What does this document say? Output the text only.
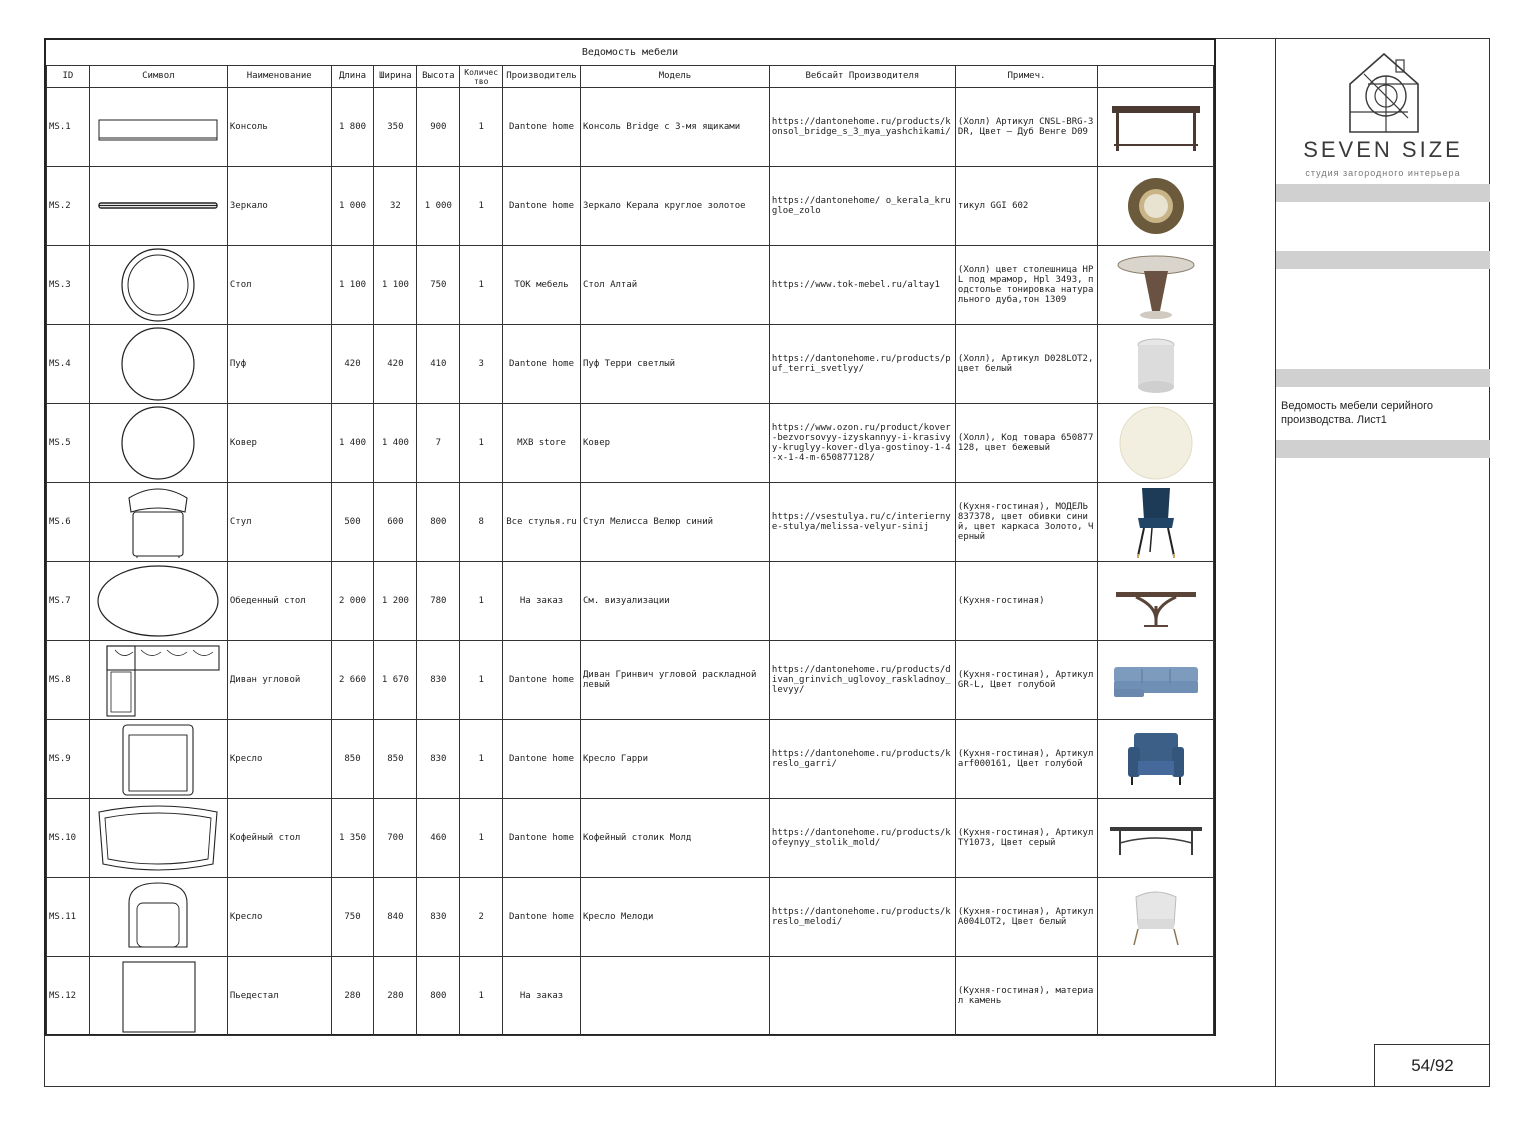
Ведомость мебели
ID	Символ	Наименование	Длина	Ширина	Высота	Количество	Производитель	Модель	Вебсайт Производителя	Примеч.	
MS.1		Консоль	1 800	350	900	1	Dantone home	Консоль Bridge с 3-мя ящиками	https://dantonehome.ru/products/konsol_bridge_s_3_mya_yashchikami/	(Холл) Артикул CNSL-BRG-3DR, Цвет – Дуб Венге D09	

MS.2		Зеркало	1 000	32	1 000	1	Dantone home	Зеркало Керала круглое золотое	https://dantonehome/ o_kerala_krugloe_zolo	тикул GGI 602	

MS.3		Стол	1 100	1 100	750	1	TOK мебель	Стол Алтай	https://www.tok-mebel.ru/altay1	(Холл) цвет столешница HPL под мрамор, Hpl 3493, подстолье тонировка натурального дуба,тон 1309	

MS.4		Пуф	420	420	410	3	Dantone home	Пуф Терри светлый	https://dantonehome.ru/products/puf_terri_svetlyy/	(Холл), Артикул D028LOT2, цвет белый	

MS.5		Ковер	1 400	1 400	7	1	MXB store	Ковер	https://www.ozon.ru/product/kover-bezvorsovyy-izyskannyy-i-krasivyy-kruglyy-kover-dlya-gostinoy-1-4-x-1-4-m-650877128/	(Холл), Код товара 650877128, цвет бежевый	

MS.6		Стул	500	600	800	8	Все стулья.ru	Стул Мелисса Велюр синий	https://vsestulya.ru/c/interiernye-stulya/melissa-velyur-sinij	(Кухня-гостиная), МОДЕЛЬ 837378, цвет обивки синий, цвет каркаса Золото, Черный	

MS.7		Обеденный стол	2 000	1 200	780	1	На заказ	См. визуализации		(Кухня-гостиная)	

MS.8		Диван угловой	2 660	1 670	830	1	Dantone home	Диван Гринвич угловой раскладной левый	https://dantonehome.ru/products/divan_grinvich_uglovoy_raskladnoy_levyy/	(Кухня-гостиная), Артикул GR-L, Цвет голубой	

MS.9		Кресло	850	850	830	1	Dantone home	Кресло Гарри	https://dantonehome.ru/products/kreslo_garri/	(Кухня-гостиная), Артикул arf000161, Цвет голубой	

MS.10		Кофейный стол	1 350	700	460	1	Dantone home	Кофейный столик Молд	https://dantonehome.ru/products/kofeynyy_stolik_mold/	(Кухня-гостиная), Артикул TY1073, Цвет серый	

MS.11		Кресло	750	840	830	2	Dantone home	Кресло Мелоди	https://dantonehome.ru/products/kreslo_melodi/	(Кухня-гостиная), Артикул A004LOT2, Цвет белый	

MS.12		Пьедестал	280	280	800	1	На заказ			(Кухня-гостиная), материал камень	
SEVEN SIZE
студия загородного интерьера
Ведомость мебели серийного производства. Лист1
54/92
